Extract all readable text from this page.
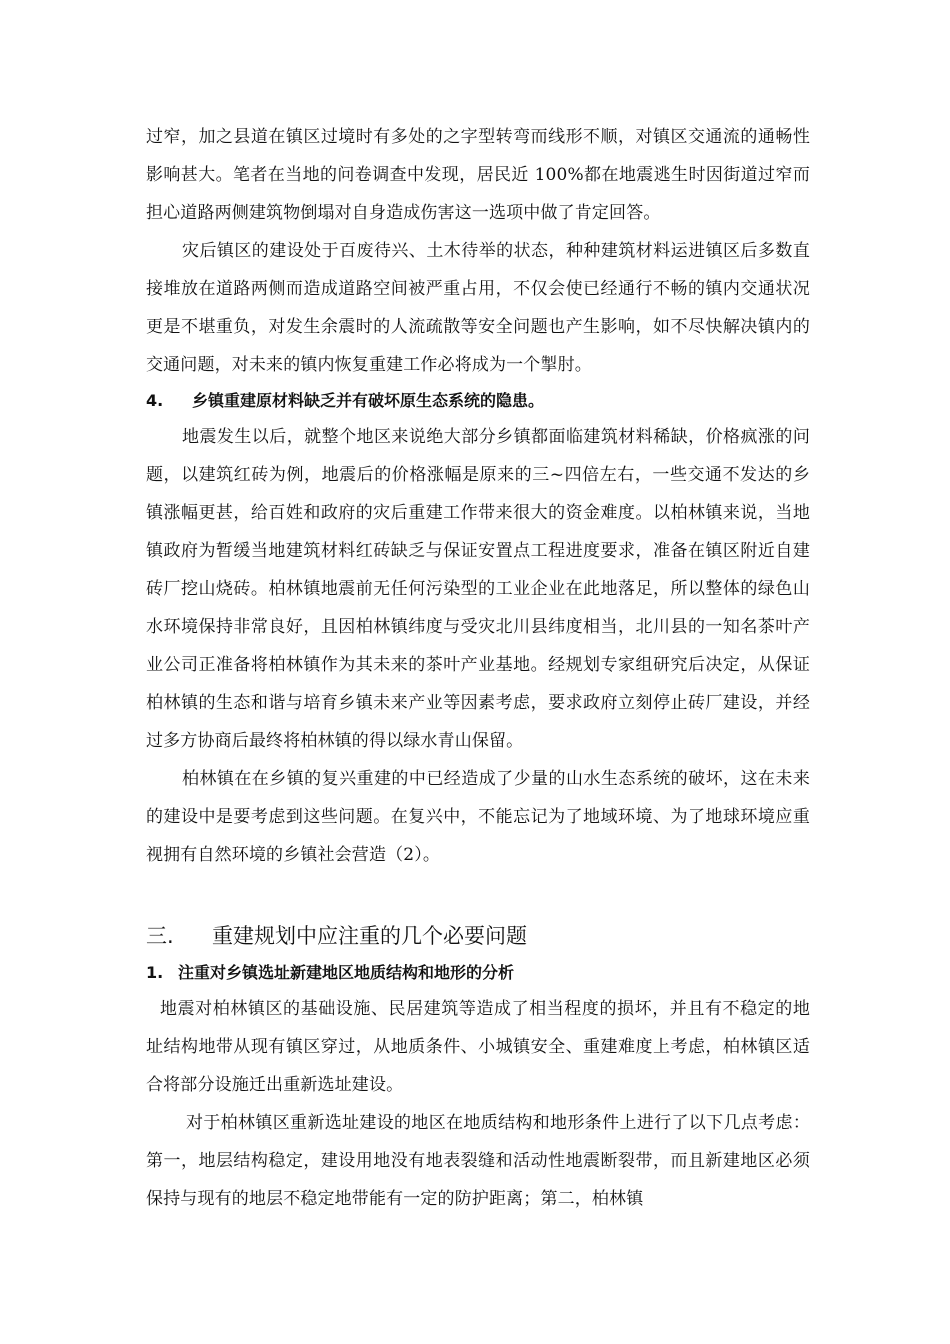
过窄，加之县道在镇区过境时有多处的之字型转弯而线形不顺，对镇区交通流的通畅性影响甚大。笔者在当地的问卷调查中发现，居民近 100%都在地震逃生时因街道过窄而担心道路两侧建筑物倒塌对自身造成伤害这一选项中做了肯定回答。

灾后镇区的建设处于百废待兴、土木待举的状态，种种建筑材料运进镇区后多数直接堆放在道路两侧而造成道路空间被严重占用，不仅会使已经通行不畅的镇内交通状况更是不堪重负，对发生余震时的人流疏散等安全问题也产生影响，如不尽快解决镇内的交通问题，对未来的镇内恢复重建工作必将成为一个掣肘。

4.	乡镇重建原材料缺乏并有破坏原生态系统的隐患。

地震发生以后，就整个地区来说绝大部分乡镇都面临建筑材料稀缺，价格疯涨的问题，以建筑红砖为例，地震后的价格涨幅是原来的三~四倍左右，一些交通不发达的乡镇涨幅更甚，给百姓和政府的灾后重建工作带来很大的资金难度。以柏林镇来说，当地镇政府为暂缓当地建筑材料红砖缺乏与保证安置点工程进度要求，准备在镇区附近自建砖厂挖山烧砖。柏林镇地震前无任何污染型的工业企业在此地落足，所以整体的绿色山水环境保持非常良好，且因柏林镇纬度与受灾北川县纬度相当，北川县的一知名茶叶产业公司正准备将柏林镇作为其未来的茶叶产业基地。经规划专家组研究后决定，从保证柏林镇的生态和谐与培育乡镇未来产业等因素考虑，要求政府立刻停止砖厂建设，并经过多方协商后最终将柏林镇的得以绿水青山保留。

柏林镇在在乡镇的复兴重建的中已经造成了少量的山水生态系统的破坏，这在未来的建设中是要考虑到这些问题。在复兴中，不能忘记为了地域环境、为了地球环境应重视拥有自然环境的乡镇社会营造（2）。

三.	重建规划中应注重的几个必要问题
1. 注重对乡镇选址新建地区地质结构和地形的分析

地震对柏林镇区的基础设施、民居建筑等造成了相当程度的损坏，并且有不稳定的地址结构地带从现有镇区穿过，从地质条件、小城镇安全、重建难度上考虑，柏林镇区适合将部分设施迁出重新选址建设。

对于柏林镇区重新选址建设的地区在地质结构和地形条件上进行了以下几点考虑：第一，地层结构稳定，建设用地没有地表裂缝和活动性地震断裂带，而且新建地区必须保持与现有的地层不稳定地带能有一定的防护距离；第二，柏林镇
